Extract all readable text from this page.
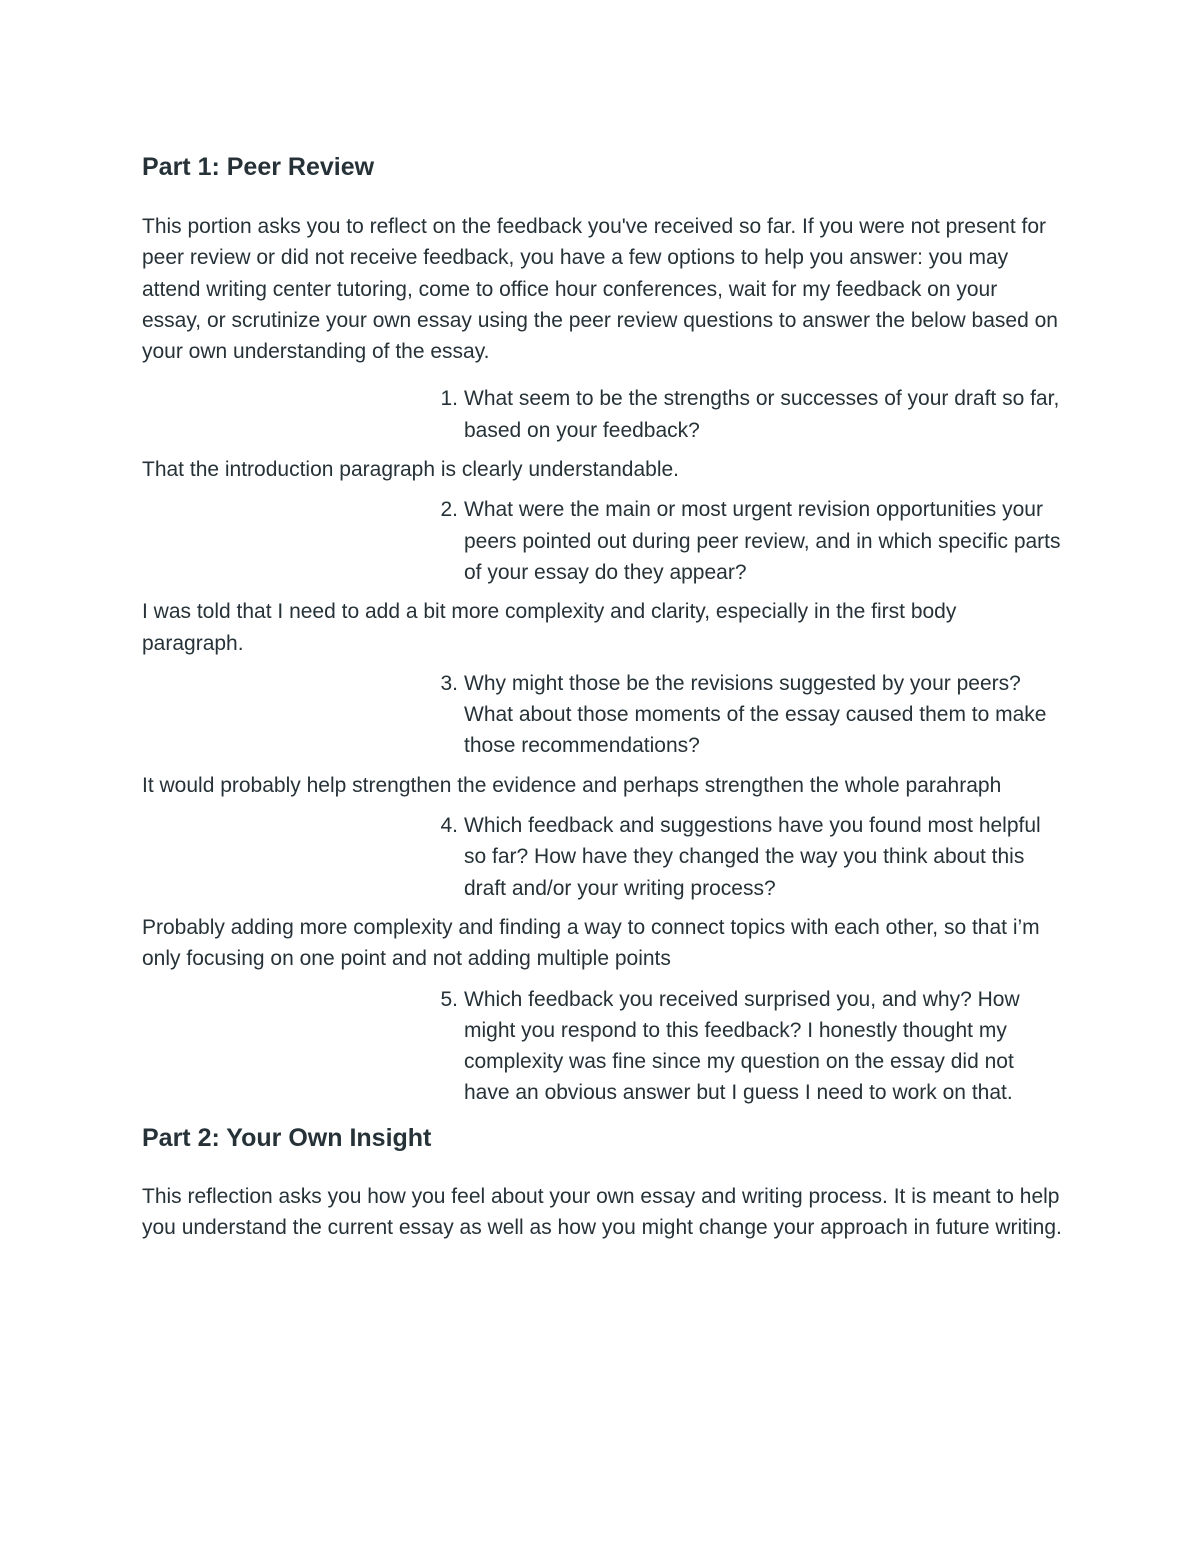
Part 1: Peer Review

This portion asks you to reflect on the feedback you've received so far. If you were not present for peer review or did not receive feedback, you have a few options to help you answer: you may attend writing center tutoring, come to office hour conferences, wait for my feedback on your essay, or scrutinize your own essay using the peer review questions to answer the below based on your own understanding of the essay.

1. What seem to be the strengths or successes of your draft so far, based on your feedback?

That the introduction paragraph is clearly understandable.

2. What were the main or most urgent revision opportunities your peers pointed out during peer review, and in which specific parts of your essay do they appear?

I was told that I need to add a bit more complexity and clarity, especially in the first body paragraph.

3. Why might those be the revisions suggested by your peers? What about those moments of the essay caused them to make those recommendations?

It would probably help strengthen the evidence and perhaps strengthen the whole parahraph

4. Which feedback and suggestions have you found most helpful so far? How have they changed the way you think about this draft and/or your writing process?

Probably adding more complexity and finding a way to connect topics with each other, so that i’m only focusing on one point and not adding multiple points

5. Which feedback you received surprised you, and why? How might you respond to this feedback? I honestly thought my complexity was fine since my question on the essay did not have an obvious answer but I guess I need to work on that.
Part 2: Your Own Insight

This reflection asks you how you feel about your own essay and writing process. It is meant to help you understand the current essay as well as how you might change your approach in future writing.
